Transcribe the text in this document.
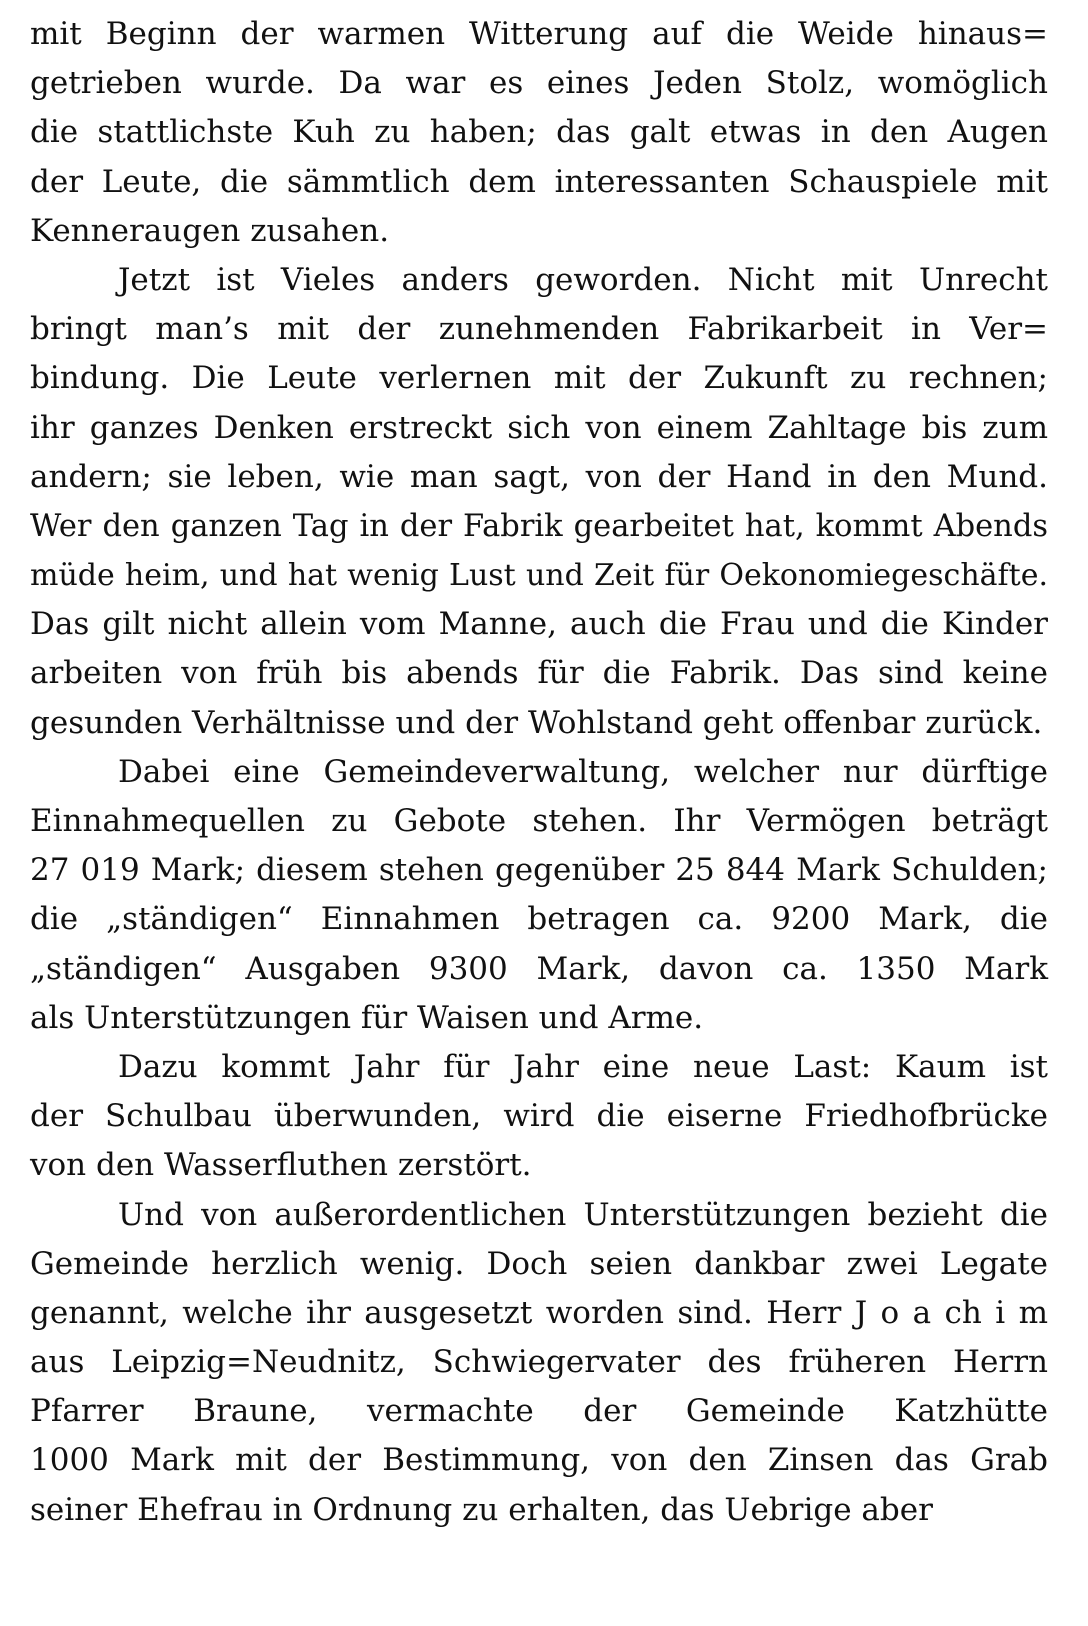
mit Beginn der warmen Witterung auf die Weide hinaus=
getrieben wurde. Da war es eines Jeden Stolz, womöglich
die stattlichste Kuh zu haben; das galt etwas in den Augen
der Leute, die sämmtlich dem interessanten Schauspiele mit
Kenneraugen zusahen.
Jetzt ist Vieles anders geworden. Nicht mit Unrecht
bringt man’s mit der zunehmenden Fabrikarbeit in Ver=
bindung. Die Leute verlernen mit der Zukunft zu rechnen;
ihr ganzes Denken erstreckt sich von einem Zahltage bis zum
andern; sie leben, wie man sagt, von der Hand in den Mund.
Wer den ganzen Tag in der Fabrik gearbeitet hat, kommt Abends
müde heim, und hat wenig Lust und Zeit für Oekonomiegeschäfte.
Das gilt nicht allein vom Manne, auch die Frau und die Kinder
arbeiten von früh bis abends für die Fabrik. Das sind keine
gesunden Verhältnisse und der Wohlstand geht offenbar zurück.
Dabei eine Gemeindeverwaltung, welcher nur dürftige
Einnahmequellen zu Gebote stehen. Ihr Vermögen beträgt
27 019 Mark; diesem stehen gegenüber 25 844 Mark Schulden;
die „ständigen“ Einnahmen betragen ca. 9200 Mark, die
„ständigen“ Ausgaben 9300 Mark, davon ca. 1350 Mark
als Unterstützungen für Waisen und Arme.
Dazu kommt Jahr für Jahr eine neue Last: Kaum ist
der Schulbau überwunden, wird die eiserne Friedhofbrücke
von den Wasserfluthen zerstört.
Und von außerordentlichen Unterstützungen bezieht die
Gemeinde herzlich wenig. Doch seien dankbar zwei Legate
genannt, welche ihr ausgesetzt worden sind. Herr J o a ch i m
aus Leipzig=Neudnitz, Schwiegervater des früheren Herrn
Pfarrer Braune, vermachte der Gemeinde Katzhütte
1000 Mark mit der Bestimmung, von den Zinsen das Grab
seiner Ehefrau in Ordnung zu erhalten, das Uebrige aber
